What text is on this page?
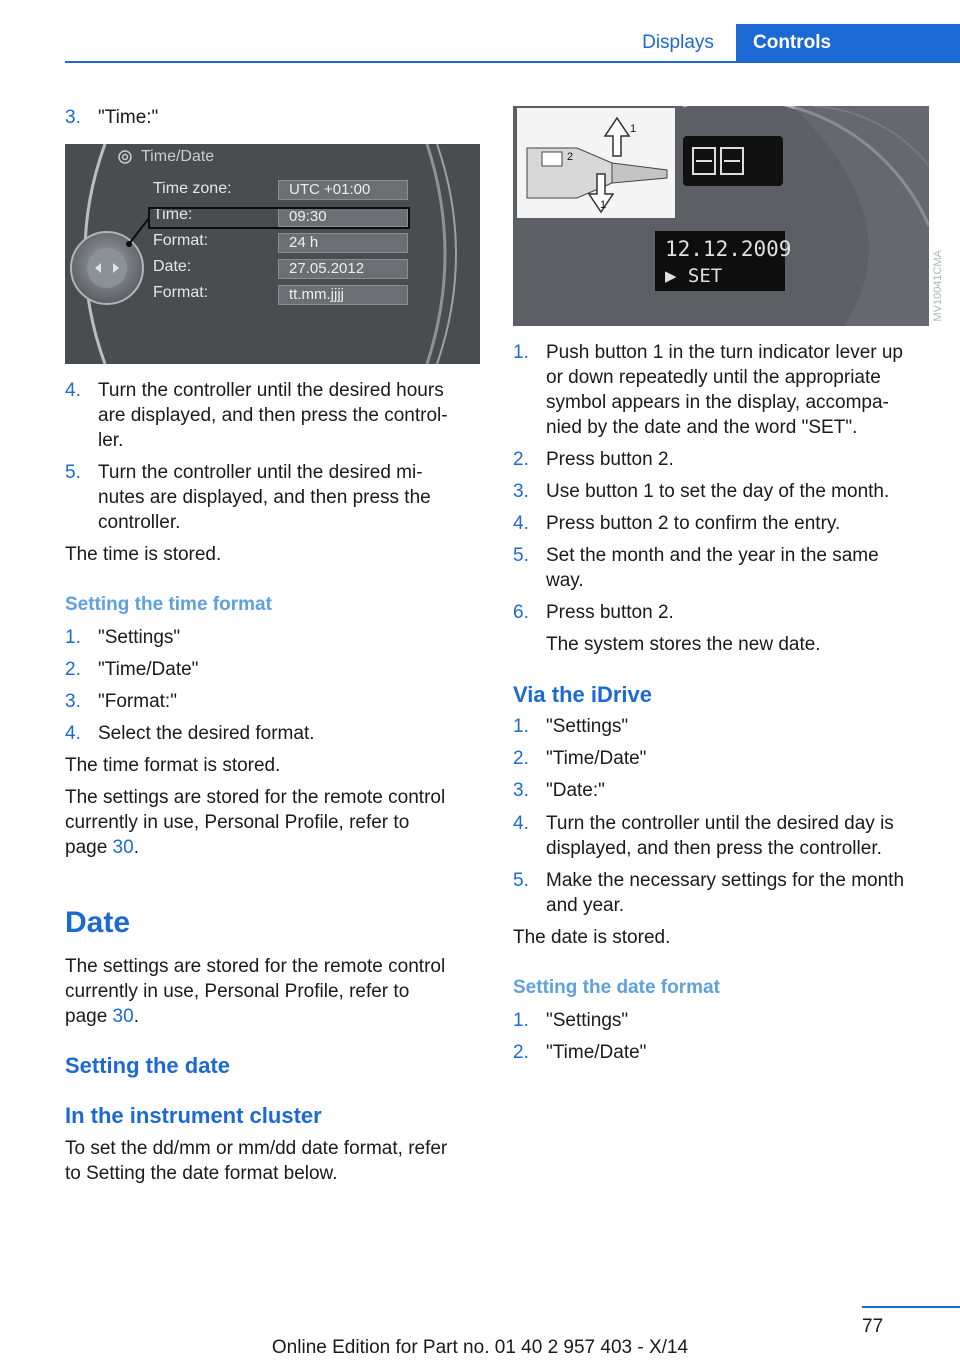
Displays	Controls
3. "Time:"
Time/Date
Time zone:	UTC +01:00
Time:	09:30
Format:	24 h
Date:	27.05.2012
Format:	tt.mm.jjjj
4. Turn the controller until the desired hours
are displayed, and then press the control‐
ler.
5. Turn the controller until the desired mi‐
nutes are displayed, and then press the
controller.
The time is stored.
Setting the time format
1. "Settings"
2. "Time/Date"
3. "Format:"
4. Select the desired format.
The time format is stored.
The settings are stored for the remote control
currently in use, Personal Profile, refer to
page 30.
Date
The settings are stored for the remote control
currently in use, Personal Profile, refer to
page 30.
Setting the date
In the instrument cluster
To set the dd/mm or mm/dd date format, refer
to Setting the date format below.
1
2
1
12.12.2009
▶ SET	MV10041CMA
1. Push button 1 in the turn indicator lever up
or down repeatedly until the appropriate
symbol appears in the display, accompa‐
nied by the date and the word "SET".
2. Press button 2.
3. Use button 1 to set the day of the month.
4. Press button 2 to confirm the entry.
5. Set the month and the year in the same
way.
6. Press button 2.
The system stores the new date.
Via the iDrive
1. "Settings"
2. "Time/Date"
3. "Date:"
4. Turn the controller until the desired day is
displayed, and then press the controller.
5. Make the necessary settings for the month
and year.
The date is stored.
Setting the date format
1. "Settings"
2. "Time/Date"
77
Online Edition for Part no. 01 40 2 957 403 - X/14
